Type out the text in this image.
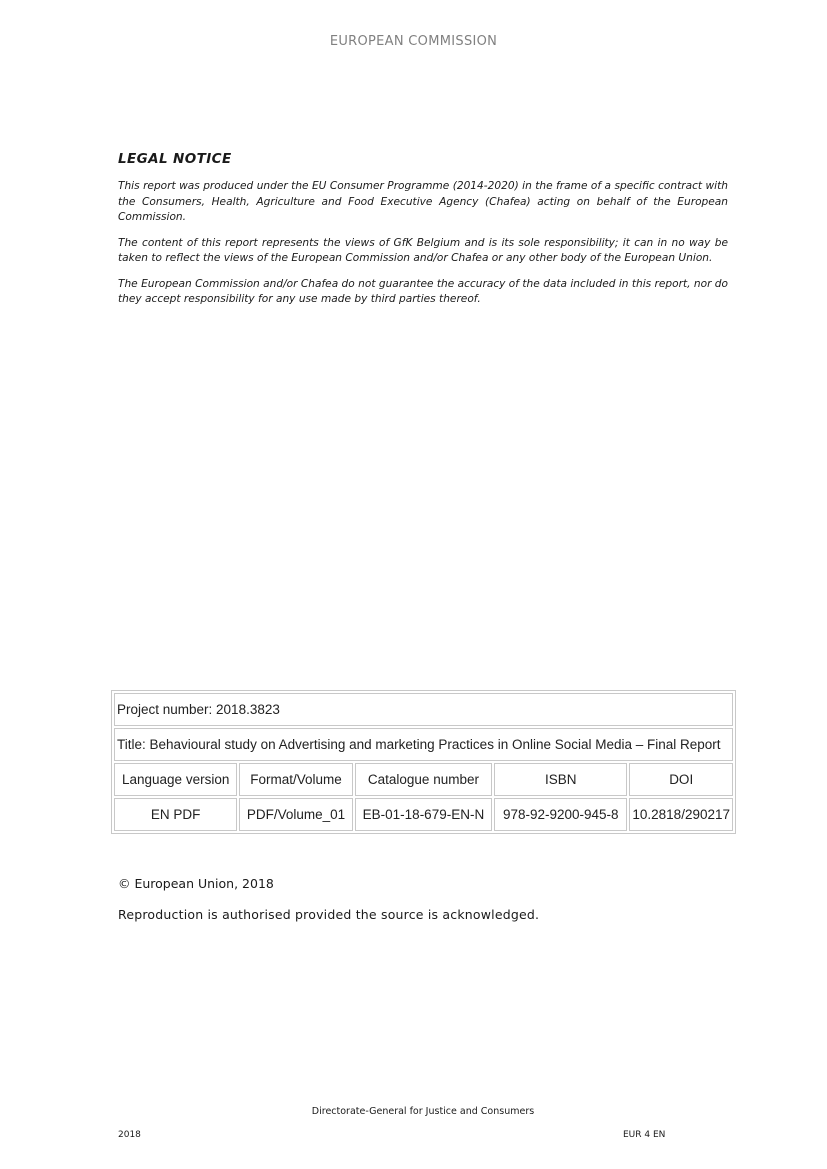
EUROPEAN COMMISSION
LEGAL NOTICE

This report was produced under the EU Consumer Programme (2014-2020) in the frame of a specific contract with the Consumers, Health, Agriculture and Food Executive Agency (Chafea) acting on behalf of the European Commission.

The content of this report represents the views of GfK Belgium and is its sole responsibility; it can in no way be taken to reflect the views of the European Commission and/or Chafea or any other body of the European Union.

The European Commission and/or Chafea do not guarantee the accuracy of the data included in this report, nor do they accept responsibility for any use made by third parties thereof.

Project number: 2018.3823				
Title: Behavioural study on Advertising and marketing Practices in Online Social Media – Final Report				
Language version	Format/Volume	Catalogue number	ISBN	DOI
EN PDF	PDF/Volume_01	EB-01-18-679-EN-N	978-92-9200-945-8	10.2818/290217
© European Union, 2018
Reproduction is authorised provided the source is acknowledged.
Directorate-General for Justice and Consumers
2018	EUR 4 EN
